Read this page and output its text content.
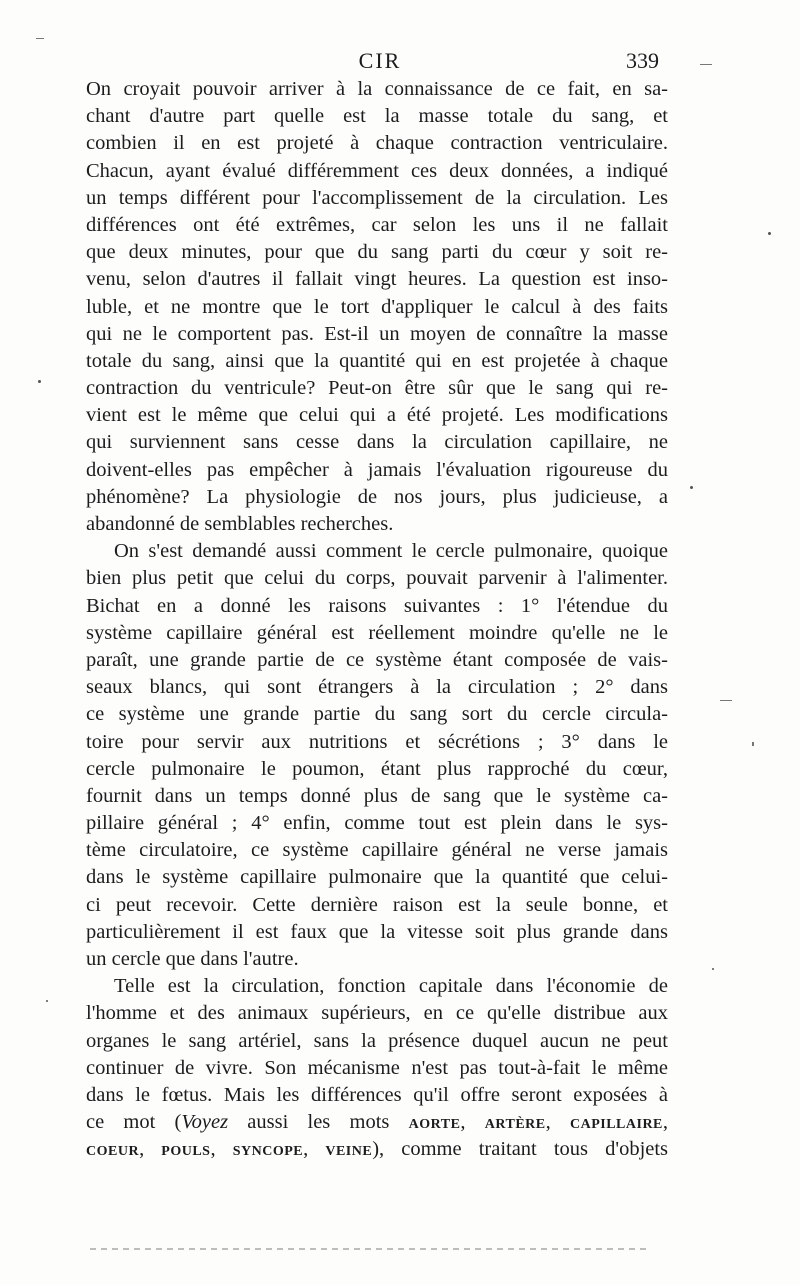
CIR	339
On croyait pouvoir arriver à la connaissance de ce fait, en sa-
chant d'autre part quelle est la masse totale du sang, et
combien il en est projeté à chaque contraction ventriculaire.
Chacun, ayant évalué différemment ces deux données, a indiqué
un temps différent pour l'accomplissement de la circulation. Les
différences ont été extrêmes, car selon les uns il ne fallait
que deux minutes, pour que du sang parti du cœur y soit re-
venu, selon d'autres il fallait vingt heures. La question est inso-
luble, et ne montre que le tort d'appliquer le calcul à des faits
qui ne le comportent pas. Est-il un moyen de connaître la masse
totale du sang, ainsi que la quantité qui en est projetée à chaque
contraction du ventricule? Peut-on être sûr que le sang qui re-
vient est le même que celui qui a été projeté. Les modifications
qui surviennent sans cesse dans la circulation capillaire, ne
doivent-elles pas empêcher à jamais l'évaluation rigoureuse du
phénomène? La physiologie de nos jours, plus judicieuse, a
abandonné de semblables recherches.
On s'est demandé aussi comment le cercle pulmonaire, quoique
bien plus petit que celui du corps, pouvait parvenir à l'alimenter.
Bichat en a donné les raisons suivantes : 1° l'étendue du
système capillaire général est réellement moindre qu'elle ne le
paraît, une grande partie de ce système étant composée de vais-
seaux blancs, qui sont étrangers à la circulation ; 2° dans
ce système une grande partie du sang sort du cercle circula-
toire pour servir aux nutritions et sécrétions ; 3° dans le
cercle pulmonaire le poumon, étant plus rapproché du cœur,
fournit dans un temps donné plus de sang que le système ca-
pillaire général ; 4° enfin, comme tout est plein dans le sys-
tème circulatoire, ce système capillaire général ne verse jamais
dans le système capillaire pulmonaire que la quantité que celui-
ci peut recevoir. Cette dernière raison est la seule bonne, et
particulièrement il est faux que la vitesse soit plus grande dans
un cercle que dans l'autre.
Telle est la circulation, fonction capitale dans l'économie de
l'homme et des animaux supérieurs, en ce qu'elle distribue aux
organes le sang artériel, sans la présence duquel aucun ne peut
continuer de vivre. Son mécanisme n'est pas tout-à-fait le même
dans le fœtus. Mais les différences qu'il offre seront exposées à
ce mot (Voyez aussi les mots AORTE, ARTÈRE, CAPILLAIRE,
COEUR, POULS, SYNCOPE, VEINE), comme traitant tous d'objets
